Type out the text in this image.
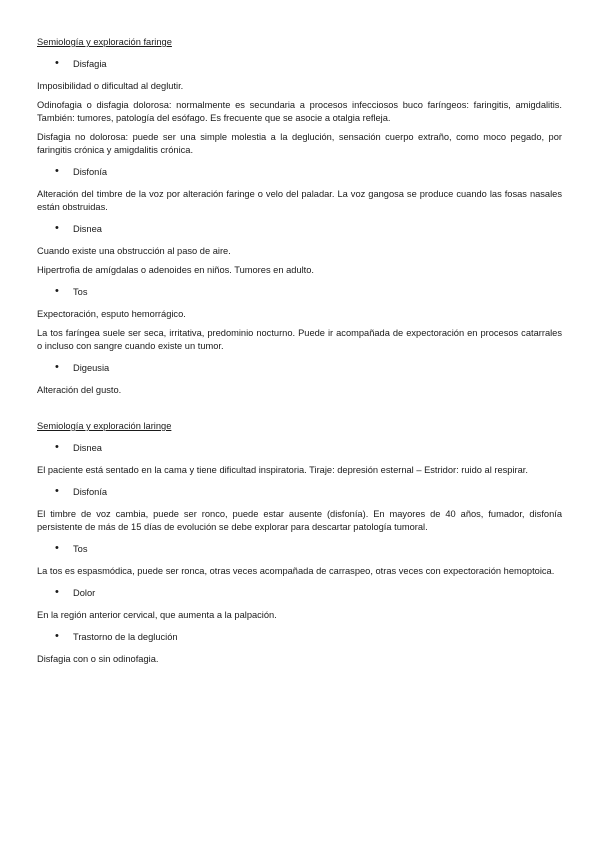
Semiología y exploración faringe

• Disfagia

Imposibilidad o dificultad al deglutir.

Odinofagia o disfagia dolorosa: normalmente es secundaria a procesos infecciosos buco faríngeos: faringitis, amigdalitis. También: tumores, patología del esófago. Es frecuente que se asocie a otalgia refleja.

Disfagia no dolorosa: puede ser una simple molestia a la deglución, sensación cuerpo extraño, como moco pegado, por faringitis crónica y amigdalitis crónica.

• Disfonía

Alteración del timbre de la voz por alteración faringe o velo del paladar. La voz gangosa se produce cuando las fosas nasales están obstruidas.

• Disnea

Cuando existe una obstrucción al paso de aire.

Hipertrofia de amígdalas o adenoides en niños. Tumores en adulto.

• Tos

Expectoración, esputo hemorrágico.

La tos faríngea suele ser seca, irritativa, predominio nocturno. Puede ir acompañada de expectoración en procesos catarrales o incluso con sangre cuando existe un tumor.

• Digeusia

Alteración del gusto.

Semiología y exploración laringe

• Disnea

El paciente está sentado en la cama y tiene dificultad inspiratoria. Tiraje: depresión esternal – Estridor: ruido al respirar.

• Disfonía

El timbre de voz cambia, puede ser ronco, puede estar ausente (disfonía). En mayores de 40 años, fumador, disfonía persistente de más de 15 días de evolución se debe explorar para descartar patología tumoral.

• Tos

La tos es espasmódica, puede ser ronca, otras veces acompañada de carraspeo, otras veces con expectoración hemoptoica.

• Dolor

En la región anterior cervical, que aumenta a la palpación.

• Trastorno de la deglución

Disfagia con o sin odinofagia.
